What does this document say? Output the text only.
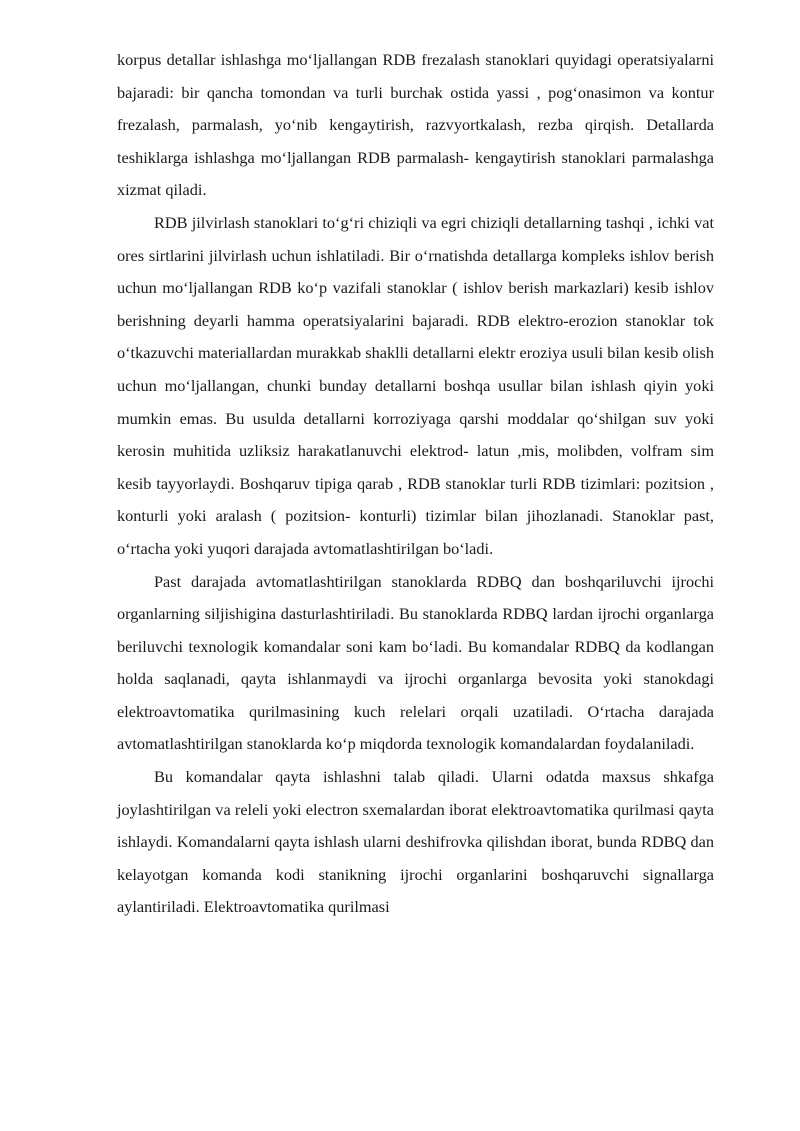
korpus detallar ishlashga mo‘ljallangan RDB frezalash stanoklari quyidagi operatsiyalarni bajaradi: bir qancha tomondan va turli burchak ostida yassi , pog‘onasimon va kontur frezalash, parmalash, yo‘nib kengaytirish, razvyortkalash, rezba qirqish. Detallarda teshiklarga ishlashga mo‘ljallangan RDB parmalash- kengaytirish stanoklari parmalashga xizmat qiladi.

RDB jilvirlash stanoklari to‘g‘ri chiziqli va egri chiziqli detallarning tashqi , ichki vat ores sirtlarini jilvirlash uchun ishlatiladi. Bir o‘rnatishda detallarga kompleks ishlov berish uchun mo‘ljallangan RDB ko‘p vazifali stanoklar ( ishlov berish markazlari) kesib ishlov berishning deyarli hamma operatsiyalarini bajaradi. RDB elektro-erozion stanoklar tok o‘tkazuvchi materiallardan murakkab shaklli detallarni elektr eroziya usuli bilan kesib olish uchun mo‘ljallangan, chunki bunday detallarni boshqa usullar bilan ishlash qiyin yoki mumkin emas. Bu usulda detallarni korroziyaga qarshi moddalar qo‘shilgan suv yoki kerosin muhitida uzliksiz harakatlanuvchi elektrod- latun ,mis, molibden, volfram sim kesib tayyorlaydi. Boshqaruv tipiga qarab , RDB stanoklar turli RDB tizimlari: pozitsion , konturli yoki aralash ( pozitsion- konturli) tizimlar bilan jihozlanadi. Stanoklar past, o‘rtacha yoki yuqori darajada avtomatlashtirilgan bo‘ladi.

Past darajada avtomatlashtirilgan stanoklarda RDBQ dan boshqariluvchi ijrochi organlarning siljishigina dasturlashtiriladi. Bu stanoklarda RDBQ lardan ijrochi organlarga beriluvchi texnologik komandalar soni kam bo‘ladi. Bu komandalar RDBQ da kodlangan holda saqlanadi, qayta ishlanmaydi va ijrochi organlarga bevosita yoki stanokdagi elektroavtomatika qurilmasining kuch relelari orqali uzatiladi. O‘rtacha darajada avtomatlashtirilgan stanoklarda ko‘p miqdorda texnologik komandalardan foydalaniladi.

Bu komandalar qayta ishlashni talab qiladi. Ularni odatda maxsus shkafga joylashtirilgan va releli yoki electron sxemalardan iborat elektroavtomatika qurilmasi qayta ishlaydi. Komandalarni qayta ishlash ularni deshifrovka qilishdan iborat, bunda RDBQ dan kelayotgan komanda kodi stanikning ijrochi organlarini boshqaruvchi signallarga aylantiriladi. Elektroavtomatika qurilmasi
